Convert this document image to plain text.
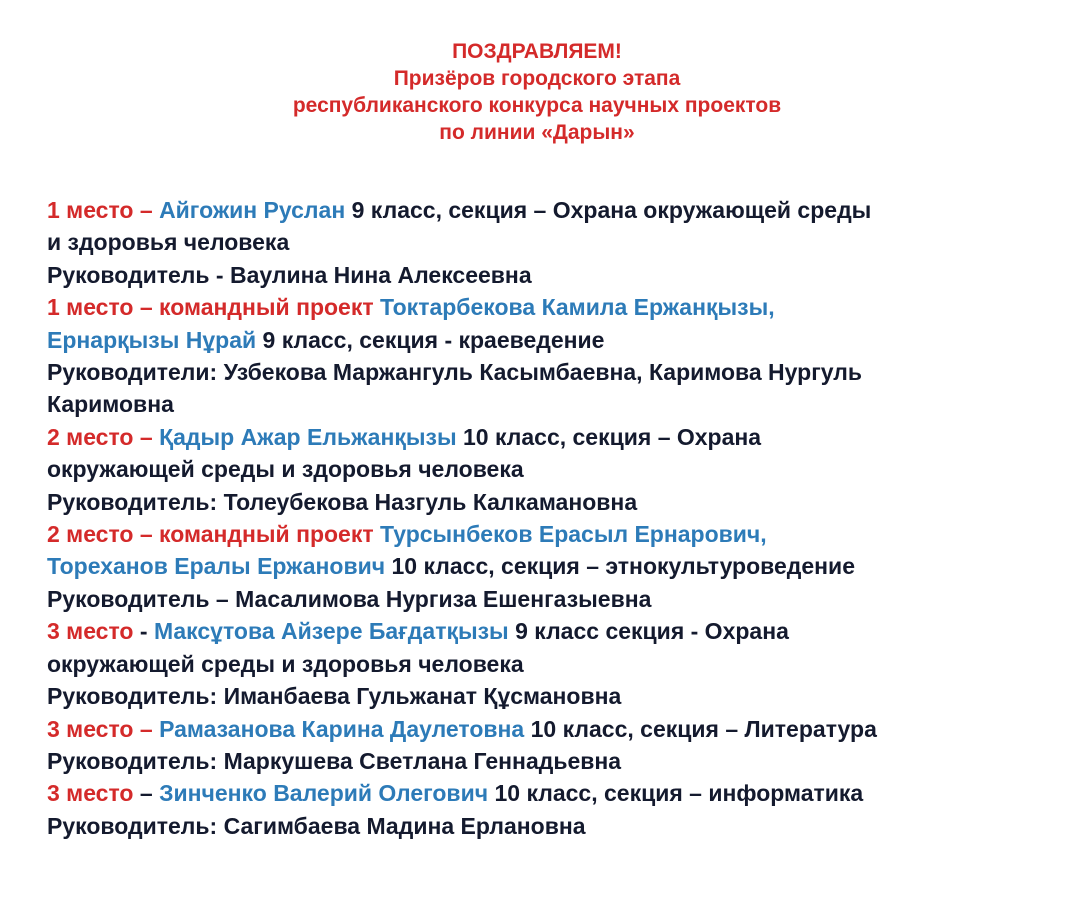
ПОЗДРАВЛЯЕМ!
Призёров городского этапа
республиканского конкурса научных проектов
по линии «Дарын»
1 место – Айгожин Руслан 9 класс, секция – Охрана окружающей среды
и здоровья человека
Руководитель - Ваулина Нина Алексеевна
1 место – командный проект Токтарбекова Камила Ержанқызы,
Ернарқызы Нұрай 9 класс, секция - краеведение
Руководители: Узбекова Маржангуль Касымбаевна, Каримова Нургуль
Каримовна
2 место – Қадыр Ажар Ельжанқызы 10 класс, секция – Охрана
окружающей среды и здоровья человека
Руководитель: Толеубекова Назгуль Калкамановна
2 место – командный проект Турсынбеков Ерасыл Ернарович,
Тореханов Ералы Ержанович 10 класс, секция – этнокультуроведение
Руководитель – Масалимова Нургиза Ешенгазыевна
3 место - Максұтова Айзере Бағдатқызы 9 класс секция - Охрана
окружающей среды и здоровья человека
Руководитель: Иманбаева Гульжанат Құсмановна
3 место – Рамазанова Карина Даулетовна 10 класс, секция – Литература
Руководитель: Маркушева Светлана Геннадьевна
3 место – Зинченко Валерий Олегович 10 класс, секция – информатика
Руководитель: Сагимбаева Мадина Ерлановна
